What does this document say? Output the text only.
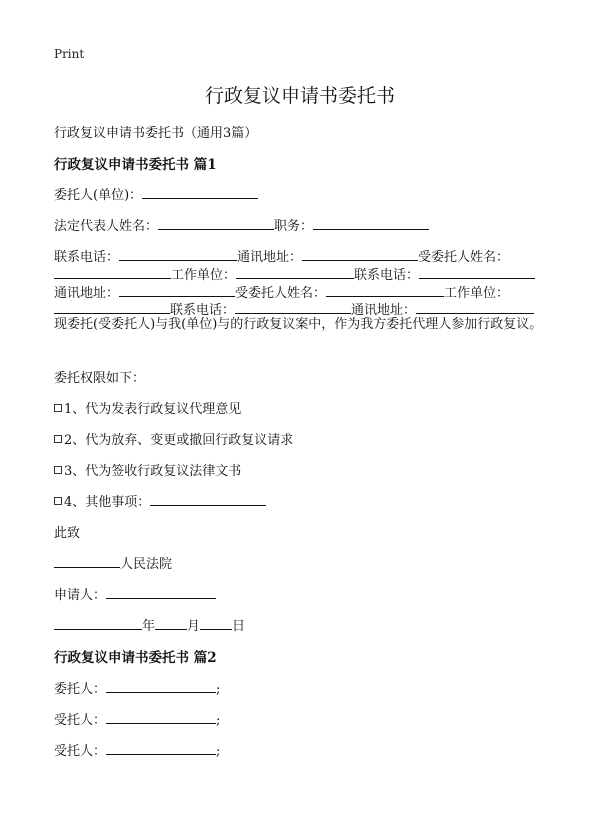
Print
行政复议申请书委托书
行政复议申请书委托书（通用3篇）
行政复议申请书委托书 篇1
委托人(单位)：
法定代表人姓名：	职务：
联系电话：	通讯地址：	受委托人姓名：
工作单位：	联系电话：
通讯地址：	受委托人姓名：	工作单位：
联系电话：	通讯地址：
现委托(受委托人)与我(单位)与的行政复议案中，作为我方委托代理人参加行政复议。
委托权限如下：
1、代为发表行政复议代理意见
2、代为放弃、变更或撤回行政复议请求
3、代为签收行政复议法律文书
4、其他事项：
此致
人民法院
申请人：
年 月 日
行政复议申请书委托书 篇2
委托人：	;
受托人：	;
受托人：	;
